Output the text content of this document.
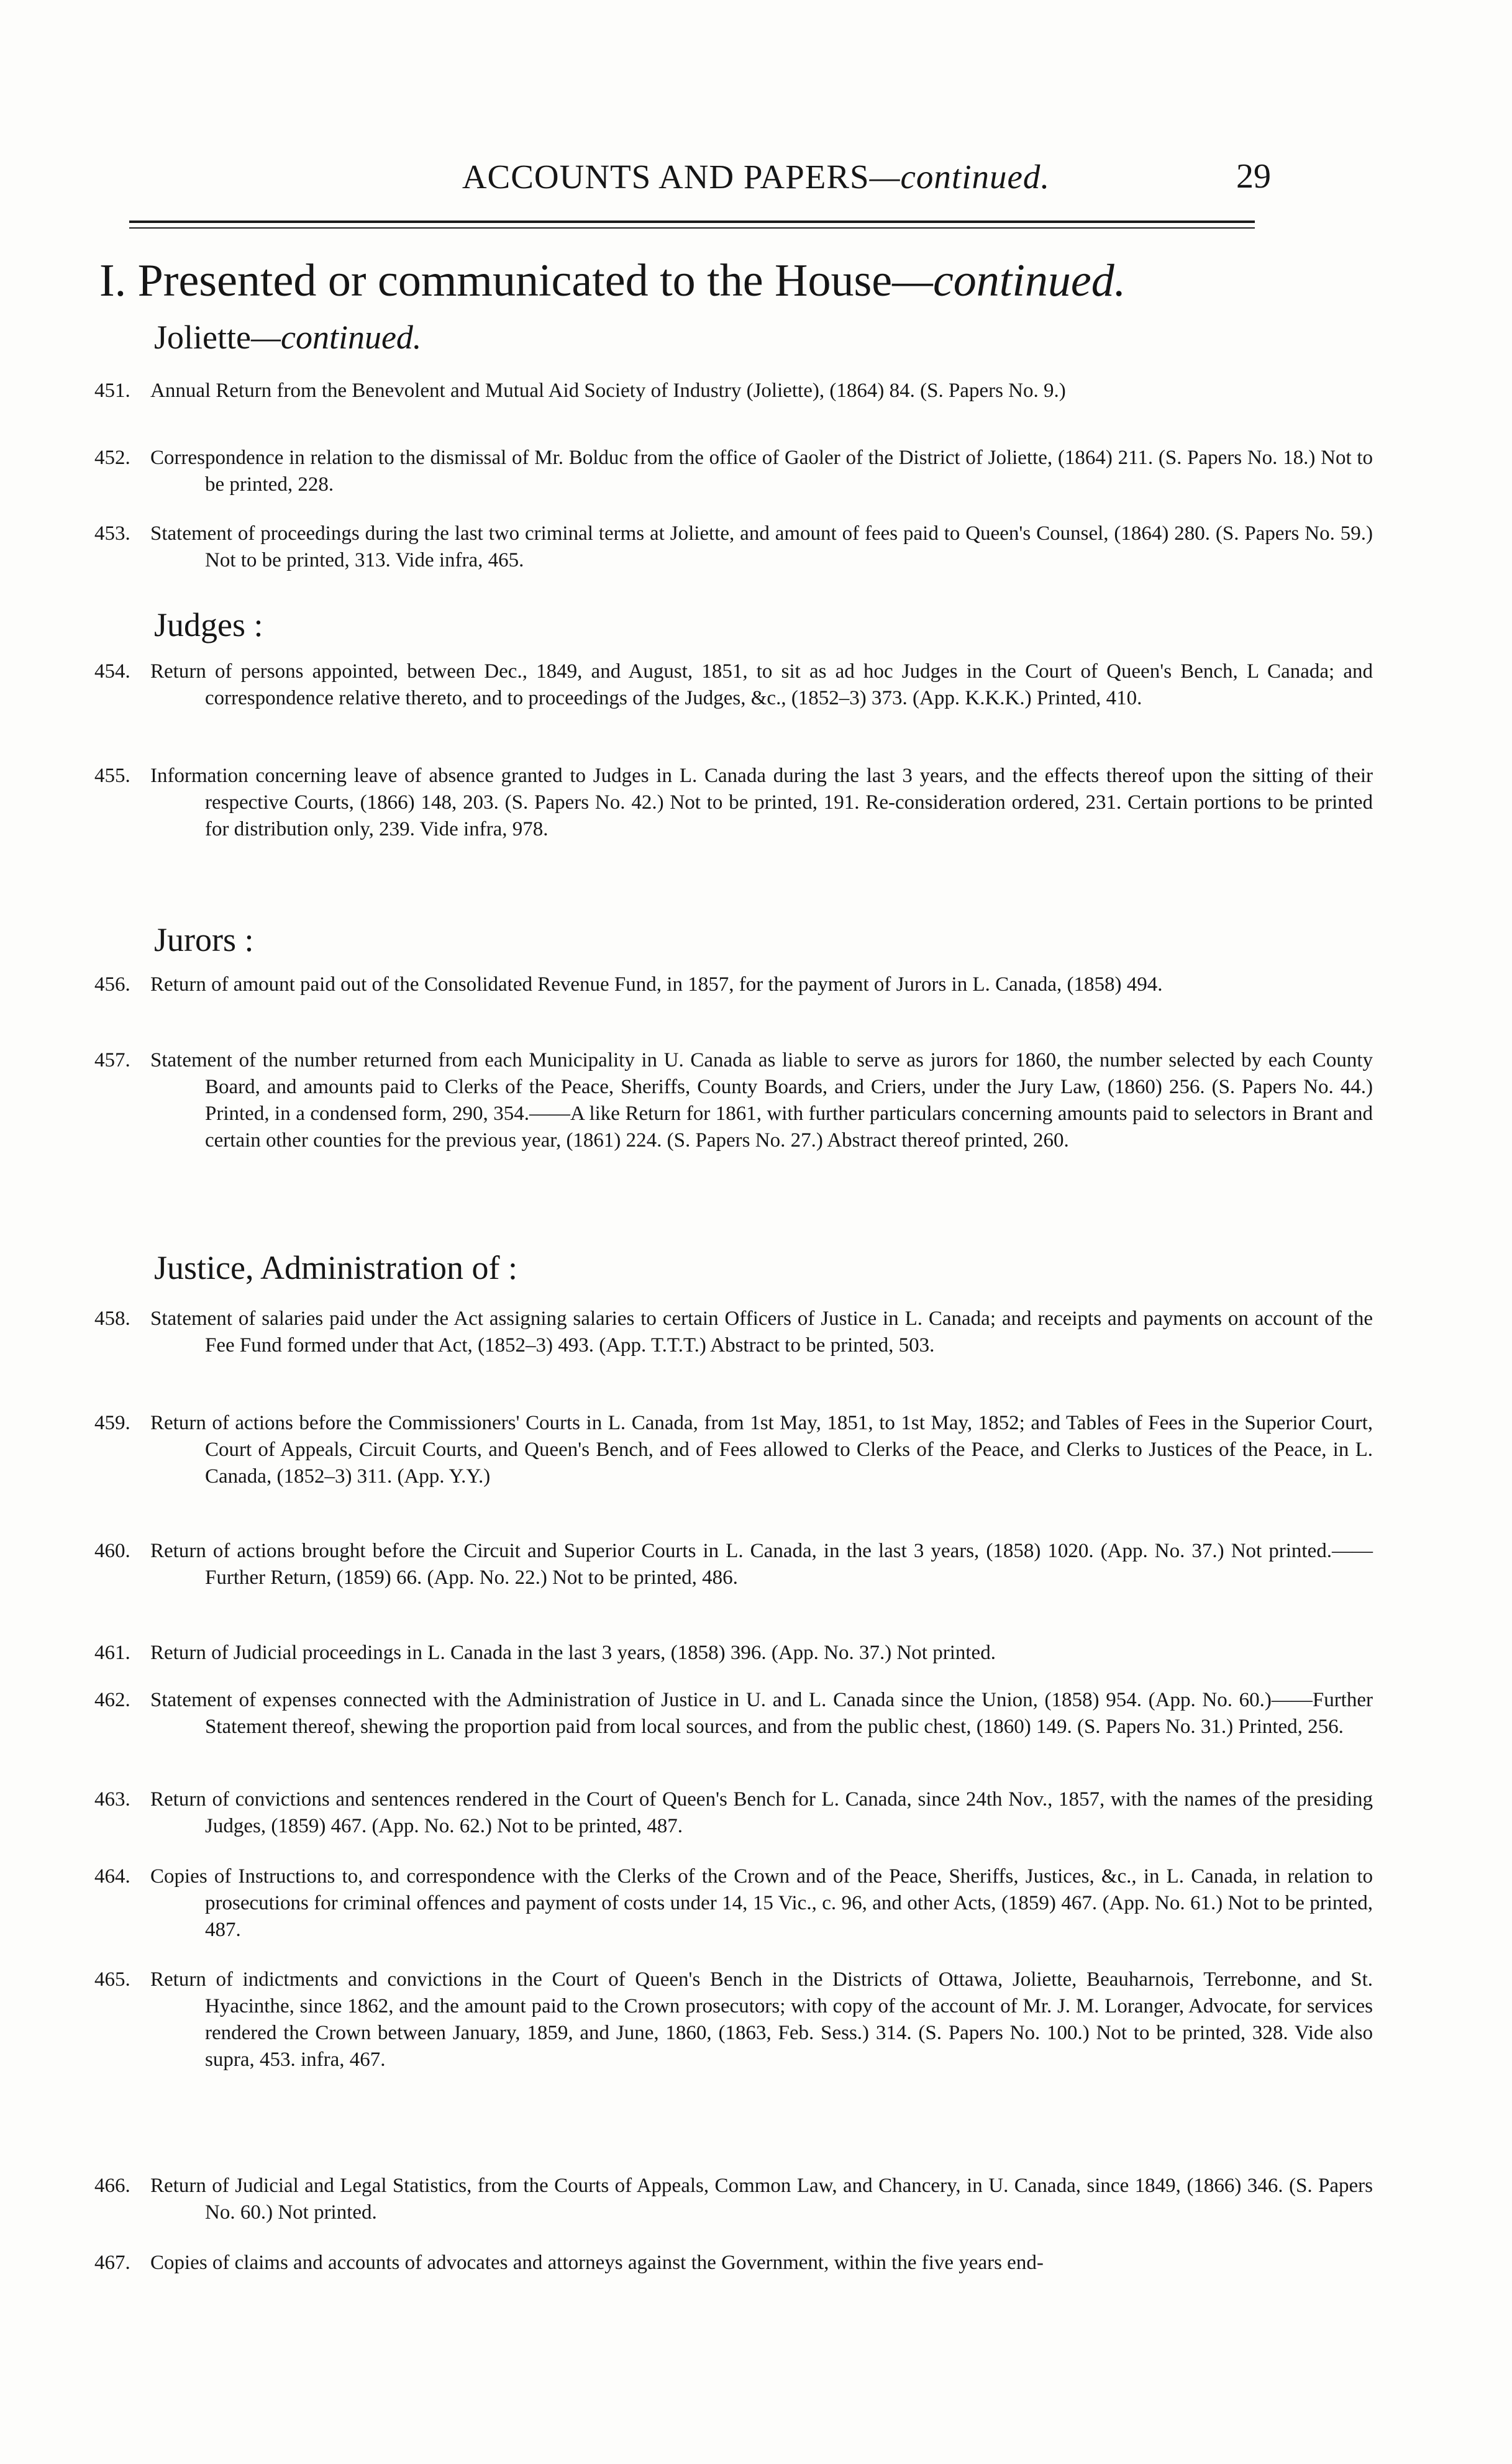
ACCOUNTS AND PAPERS—continued.	29
I. Presented or communicated to the House—continued.
Joliette—continued.
451. Annual Return from the Benevolent and Mutual Aid Society of Industry (Joliette), (1864) 84. (S. Papers No. 9.)
452. Correspondence in relation to the dismissal of Mr. Bolduc from the office of Gaoler of the District of Joliette, (1864) 211. (S. Papers No. 18.) Not to be printed, 228.
453. Statement of proceedings during the last two criminal terms at Joliette, and amount of fees paid to Queen's Counsel, (1864) 280. (S. Papers No. 59.) Not to be printed, 313. Vide infra, 465.
Judges :
454. Return of persons appointed, between Dec., 1849, and August, 1851, to sit as ad hoc Judges in the Court of Queen's Bench, L Canada; and correspondence relative thereto, and to proceedings of the Judges, &c., (1852–3) 373. (App. K.K.K.) Printed, 410.
455. Information concerning leave of absence granted to Judges in L. Canada during the last 3 years, and the effects thereof upon the sitting of their respective Courts, (1866) 148, 203. (S. Papers No. 42.) Not to be printed, 191. Re-consideration ordered, 231. Certain portions to be printed for distribution only, 239. Vide infra, 978.
Jurors :
456. Return of amount paid out of the Consolidated Revenue Fund, in 1857, for the payment of Jurors in L. Canada, (1858) 494.
457. Statement of the number returned from each Municipality in U. Canada as liable to serve as jurors for 1860, the number selected by each County Board, and amounts paid to Clerks of the Peace, Sheriffs, County Boards, and Criers, under the Jury Law, (1860) 256. (S. Papers No. 44.) Printed, in a condensed form, 290, 354.——A like Return for 1861, with further particulars concerning amounts paid to selectors in Brant and certain other counties for the previous year, (1861) 224. (S. Papers No. 27.) Abstract thereof printed, 260.
Justice, Administration of :
458. Statement of salaries paid under the Act assigning salaries to certain Officers of Justice in L. Canada; and receipts and payments on account of the Fee Fund formed under that Act, (1852–3) 493. (App. T.T.T.) Abstract to be printed, 503.
459. Return of actions before the Commissioners' Courts in L. Canada, from 1st May, 1851, to 1st May, 1852; and Tables of Fees in the Superior Court, Court of Appeals, Circuit Courts, and Queen's Bench, and of Fees allowed to Clerks of the Peace, and Clerks to Justices of the Peace, in L. Canada, (1852–3) 311. (App. Y.Y.)
460. Return of actions brought before the Circuit and Superior Courts in L. Canada, in the last 3 years, (1858) 1020. (App. No. 37.) Not printed.——Further Return, (1859) 66. (App. No. 22.) Not to be printed, 486.
461. Return of Judicial proceedings in L. Canada in the last 3 years, (1858) 396. (App. No. 37.) Not printed.
462. Statement of expenses connected with the Administration of Justice in U. and L. Canada since the Union, (1858) 954. (App. No. 60.)——Further Statement thereof, shewing the proportion paid from local sources, and from the public chest, (1860) 149. (S. Papers No. 31.) Printed, 256.
463. Return of convictions and sentences rendered in the Court of Queen's Bench for L. Canada, since 24th Nov., 1857, with the names of the presiding Judges, (1859) 467. (App. No. 62.) Not to be printed, 487.
464. Copies of Instructions to, and correspondence with the Clerks of the Crown and of the Peace, Sheriffs, Justices, &c., in L. Canada, in relation to prosecutions for criminal offences and payment of costs under 14, 15 Vic., c. 96, and other Acts, (1859) 467. (App. No. 61.) Not to be printed, 487.
465. Return of indictments and convictions in the Court of Queen's Bench in the Districts of Ottawa, Joliette, Beauharnois, Terrebonne, and St. Hyacinthe, since 1862, and the amount paid to the Crown prosecutors; with copy of the account of Mr. J. M. Loranger, Advocate, for services rendered the Crown between January, 1859, and June, 1860, (1863, Feb. Sess.) 314. (S. Papers No. 100.) Not to be printed, 328. Vide also supra, 453. infra, 467.
466. Return of Judicial and Legal Statistics, from the Courts of Appeals, Common Law, and Chancery, in U. Canada, since 1849, (1866) 346. (S. Papers No. 60.) Not printed.
467. Copies of claims and accounts of advocates and attorneys against the Government, within the five years end-
